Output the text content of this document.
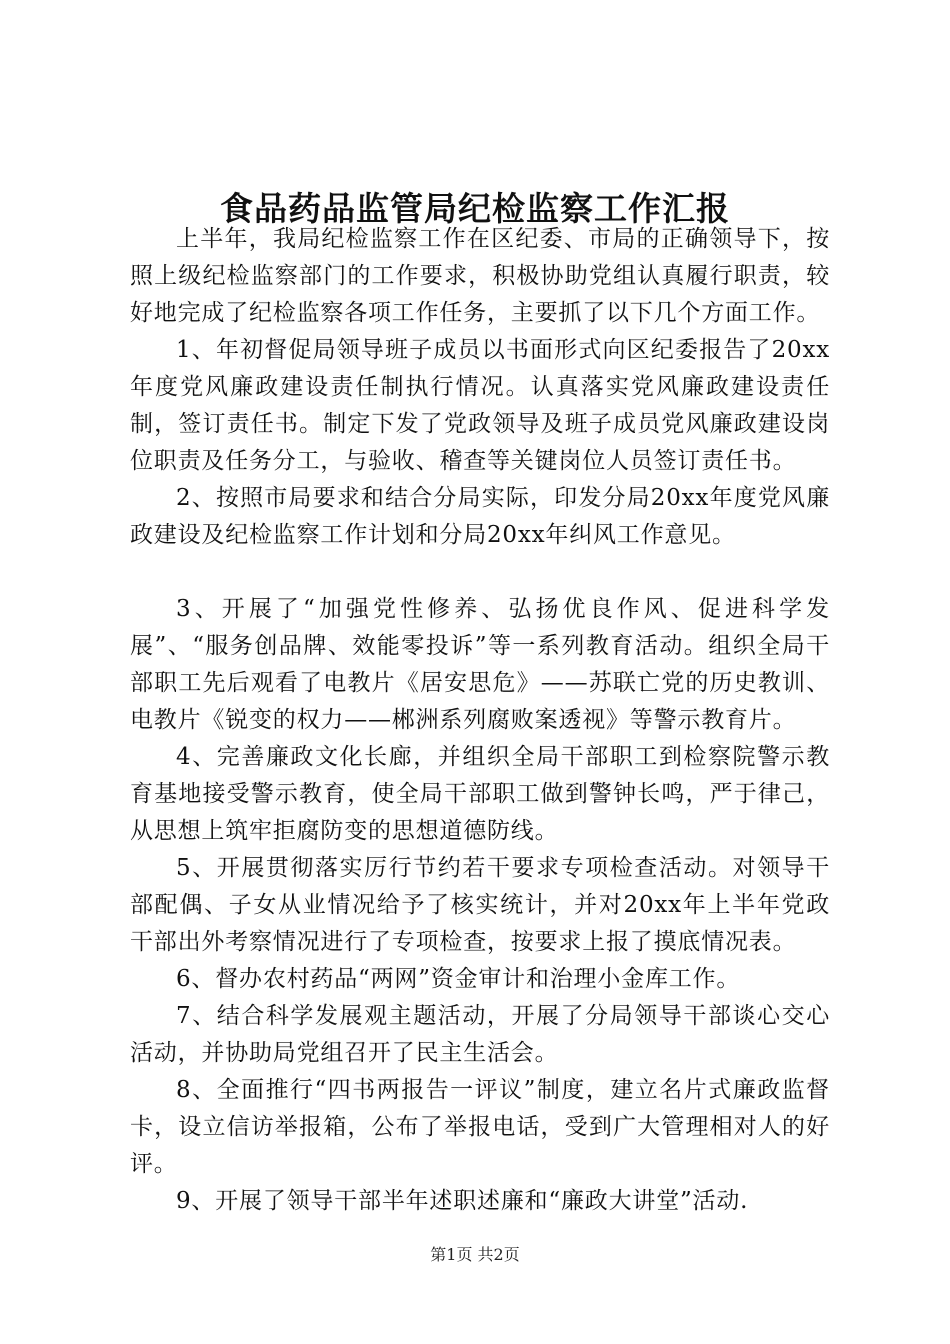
食品药品监管局纪检监察工作汇报

上半年，我局纪检监察工作在区纪委、市局的正确领导下，按照上级纪检监察部门的工作要求，积极协助党组认真履行职责，较好地完成了纪检监察各项工作任务，主要抓了以下几个方面工作。

1、年初督促局领导班子成员以书面形式向区纪委报告了20xx年度党风廉政建设责任制执行情况。认真落实党风廉政建设责任制，签订责任书。制定下发了党政领导及班子成员党风廉政建设岗位职责及任务分工，与验收、稽查等关键岗位人员签订责任书。

2、按照市局要求和结合分局实际，印发分局20xx年度党风廉政建设及纪检监察工作计划和分局20xx年纠风工作意见。

3、开展了“加强党性修养、弘扬优良作风、促进科学发展”、“服务创品牌、效能零投诉”等一系列教育活动。组织全局干部职工先后观看了电教片《居安思危》——苏联亡党的历史教训、电教片《锐变的权力——郴洲系列腐败案透视》等警示教育片。

4、完善廉政文化长廊，并组织全局干部职工到检察院警示教育基地接受警示教育，使全局干部职工做到警钟长鸣，严于律己，从思想上筑牢拒腐防变的思想道德防线。

5、开展贯彻落实厉行节约若干要求专项检查活动。对领导干部配偶、子女从业情况给予了核实统计，并对20xx年上半年党政干部出外考察情况进行了专项检查，按要求上报了摸底情况表。

6、督办农村药品“两网”资金审计和治理小金库工作。

7、结合科学发展观主题活动，开展了分局领导干部谈心交心活动，并协助局党组召开了民主生活会。

8、全面推行“四书两报告一评议”制度，建立名片式廉政监督卡，设立信访举报箱，公布了举报电话，受到广大管理相对人的好评。

9、开展了领导干部半年述职述廉和“廉政大讲堂”活动.

第1页 共2页
